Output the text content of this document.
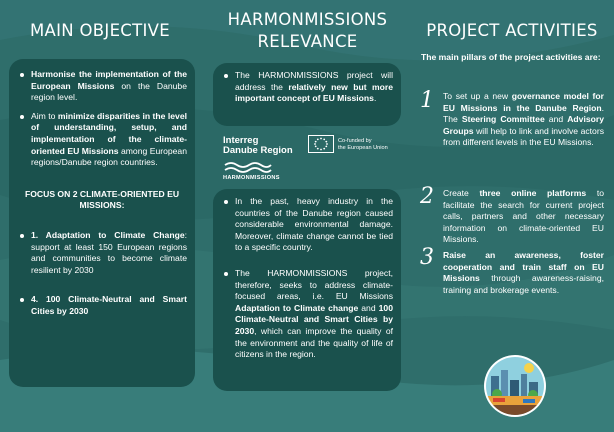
MAIN OBJECTIVE
Harmonise the implementation of the European Missions on the Danube region level.
Aim to minimize disparities in the level of understanding, setup, and implementation of the climate-oriented EU Missions among European regions/Danube region countries.

FOCUS ON 2 CLIMATE-ORIENTED EU MISSIONS:

1. Adaptation to Climate Change: support at least 150 European regions and communities to become climate resilient by 2030
4. 100 Climate-Neutral and Smart Cities by 2030
HARMONMISSIONS
RELEVANCE
The HARMONMISSIONS project will address the relatively new but more important concept of EU Missions.
Interreg
Danube Region
Co-funded by
the European Union
HARMONMISSIONS
In the past, heavy industry in the countries of the Danube region caused considerable environmental damage. Moreover, climate change cannot be tied to a specific country.
The HARMONMISSIONS project, therefore, seeks to address climate-focused areas, i.e. EU Missions Adaptation to Climate change and 100 Climate-Neutral and Smart Cities by 2030, which can improve the quality of the environment and the quality of life of citizens in the region.
PROJECT ACTIVITIES

The main pillars of the project activities are:

1 To set up a new governance model for EU Missions in the Danube Region. The Steering Committee and Advisory Groups will help to link and involve actors from different levels in the EU Missions.

2 Create three online platforms to facilitate the search for current project calls, partners and other necessary information on climate-oriented EU Missions.

3 Raise an awareness, foster cooperation and train staff on EU Missions through awareness-raising, training and brokerage events.
